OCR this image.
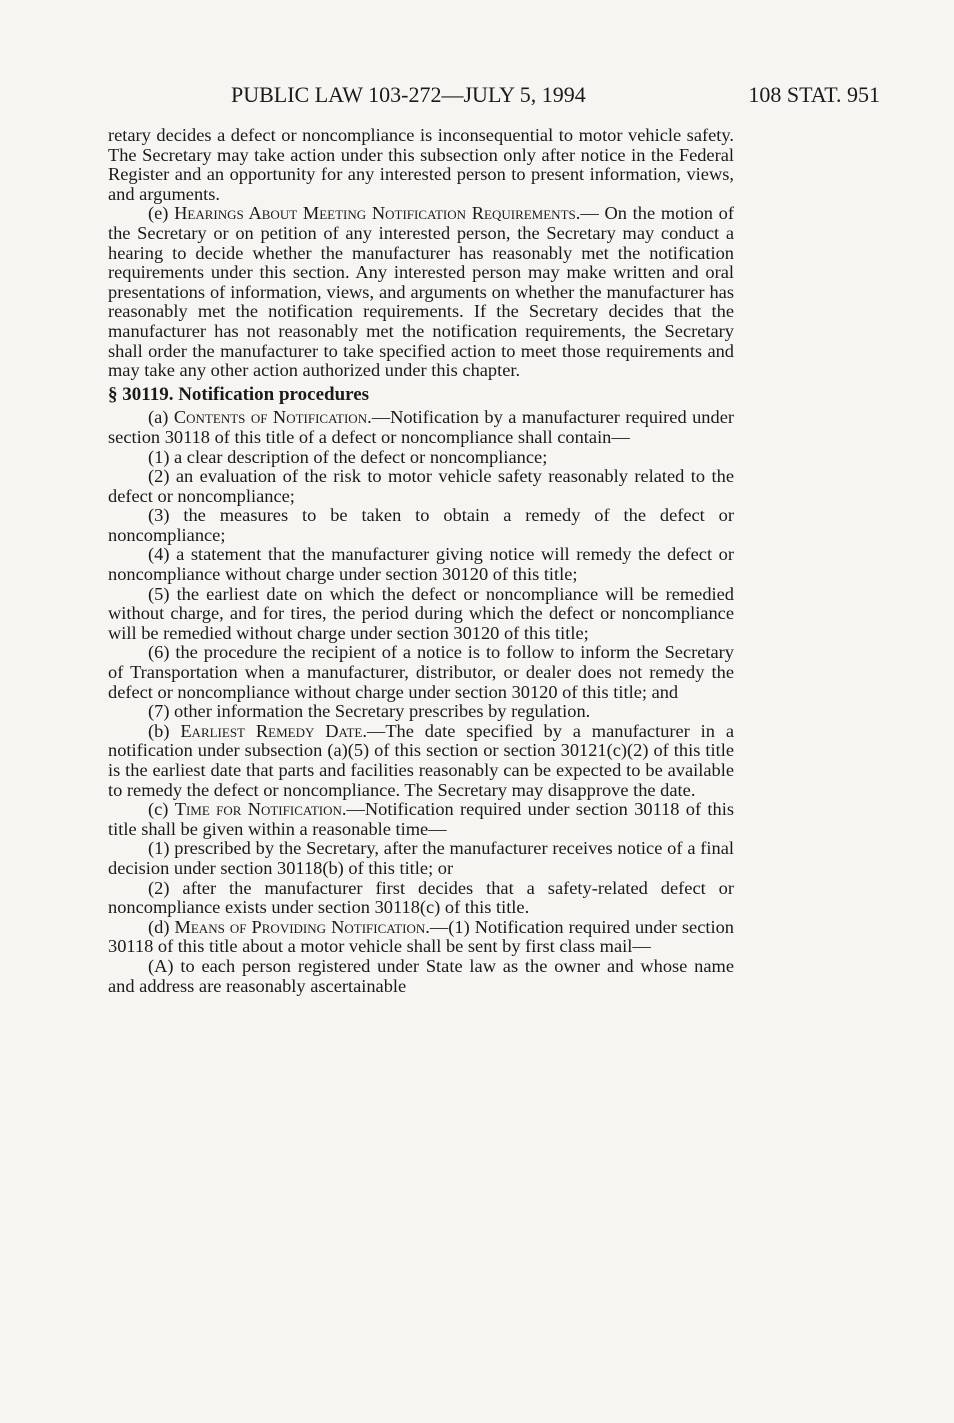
PUBLIC LAW 103-272—JULY 5, 1994	108 STAT. 951

retary decides a defect or noncompliance is inconsequential to motor vehicle safety. The Secretary may take action under this subsection only after notice in the Federal Register and an opportunity for any interested person to present information, views, and arguments.

(e) Hearings About Meeting Notification Requirements.— On the motion of the Secretary or on petition of any interested person, the Secretary may conduct a hearing to decide whether the manufacturer has reasonably met the notification requirements under this section. Any interested person may make written and oral presentations of information, views, and arguments on whether the manufacturer has reasonably met the notification requirements. If the Secretary decides that the manufacturer has not reasonably met the notification requirements, the Secretary shall order the manufacturer to take specified action to meet those requirements and may take any other action authorized under this chapter.

§ 30119. Notification procedures

(a) Contents of Notification.—Notification by a manufacturer required under section 30118 of this title of a defect or noncompliance shall contain—

(1) a clear description of the defect or noncompliance;

(2) an evaluation of the risk to motor vehicle safety reasonably related to the defect or noncompliance;

(3) the measures to be taken to obtain a remedy of the defect or noncompliance;

(4) a statement that the manufacturer giving notice will remedy the defect or noncompliance without charge under section 30120 of this title;

(5) the earliest date on which the defect or noncompliance will be remedied without charge, and for tires, the period during which the defect or noncompliance will be remedied without charge under section 30120 of this title;

(6) the procedure the recipient of a notice is to follow to inform the Secretary of Transportation when a manufacturer, distributor, or dealer does not remedy the defect or noncompliance without charge under section 30120 of this title; and

(7) other information the Secretary prescribes by regulation.

(b) Earliest Remedy Date.—The date specified by a manufacturer in a notification under subsection (a)(5) of this section or section 30121(c)(2) of this title is the earliest date that parts and facilities reasonably can be expected to be available to remedy the defect or noncompliance. The Secretary may disapprove the date.

(c) Time for Notification.—Notification required under section 30118 of this title shall be given within a reasonable time—

(1) prescribed by the Secretary, after the manufacturer receives notice of a final decision under section 30118(b) of this title; or

(2) after the manufacturer first decides that a safety-related defect or noncompliance exists under section 30118(c) of this title.

(d) Means of Providing Notification.—(1) Notification required under section 30118 of this title about a motor vehicle shall be sent by first class mail—

(A) to each person registered under State law as the owner and whose name and address are reasonably ascertainable
